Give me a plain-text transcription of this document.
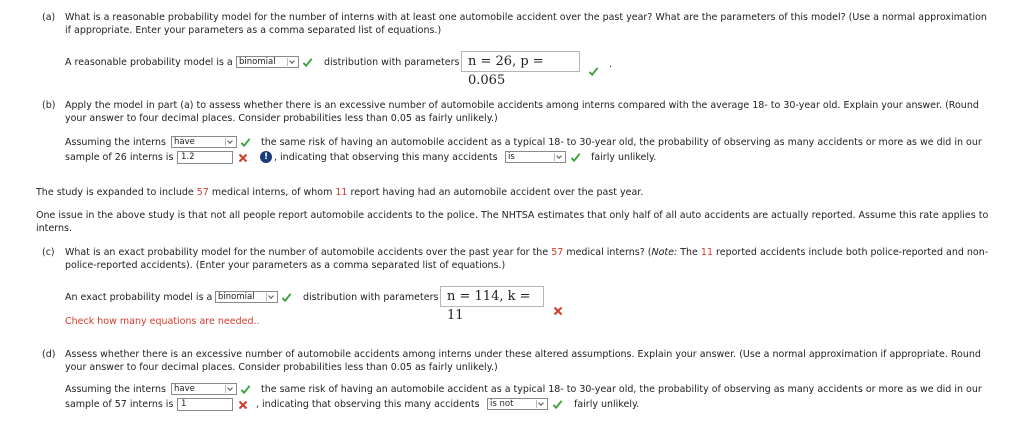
(a) What is a reasonable probability model for the number of interns with at least one automobile accident over the past year? What are the parameters of this model? (Use a normal approximation
if appropriate. Enter your parameters as a comma separated list of equations.)
A reasonable probability model is a binomial	distribution with parameters n = 26, p = 0.065
.
(b) Apply the model in part (a) to assess whether there is an excessive number of automobile accidents among interns compared with the average 18- to 30-year old. Explain your answer. (Round
your answer to four decimal places. Consider probabilities less than 0.05 as fairly unlikely.)
Assuming the interns have	the same risk of having an automobile accident as a typical 18- to 30-year old, the probability of observing as many accidents or more as we did in our
sample of 26 interns is 1.2	! , indicating that observing this many accidents	is	fairly unlikely.
The study is expanded to include 57 medical interns, of whom 11 report having had an automobile accident over the past year.
One issue in the above study is that not all people report automobile accidents to the police. The NHTSA estimates that only half of all auto accidents are actually reported. Assume this rate applies to
interns.
(c) What is an exact probability model for the number of automobile accidents over the past year for the 57 medical interns? (Note: The 11 reported accidents include both police-reported and non-
police-reported accidents). (Enter your parameters as a comma separated list of equations.)
An exact probability model is a binomial	distribution with parameters n = 114, k = 11
Check how many equations are needed..
(d) Assess whether there is an excessive number of automobile accidents among interns under these altered assumptions. Explain your answer. (Use a normal approximation if appropriate. Round
your answer to four decimal places. Consider probabilities less than 0.05 as fairly unlikely.)
Assuming the interns have	the same risk of having an automobile accident as a typical 18- to 30-year old, the probability of observing as many accidents or more as we did in our
sample of 57 interns is 1	, indicating that observing this many accidents	is not	fairly unlikely.
